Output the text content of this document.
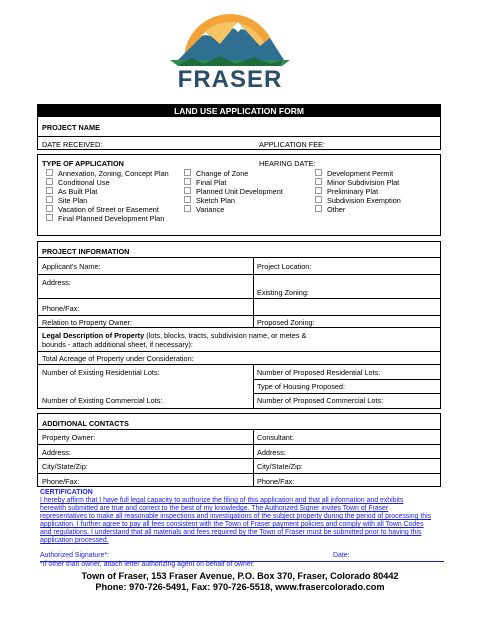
FRASER
LAND USE APPLICATION FORM
PROJECT NAME
DATE RECEIVED:	APPLICATION FEE:
TYPE OF APPLICATION	HEARING DATE:
Annexation, Zoning, Concept Plan
Conditional Use
As Built Plat
Site Plan
Vacation of Street or Easement
Final Planned Development Plan
Change of Zone
Final Plat
Planned Unit Development
Sketch Plan
Variance
Development Permit
Minor Subdivision Plat
Preliminary Plat
Subdivision Exemption
Other
PROJECT INFORMATION
Applicant's Name:	Project Location:
Address:
Existing Zoning:
Phone/Fax:
Relation to Property Owner:	Proposed Zoning:
Legal Description of Property (lots, blocks, tracts, subdivision name, or metes &
bounds - attach additional sheet, if necessary):
Total Acreage of Property under Consideration:
Number of Existing Residential Lots:	Number of Proposed Residential Lots:
Number of Existing Commercial Lots:
Type of Housing Proposed:
Number of Proposed Commercial Lots:
ADDITIONAL CONTACTS
Property Owner:	Consultant:
Address:	Address:
City/State/Zip:	City/State/Zip:
Phone/Fax:	Phone/Fax:
CERTIFICATION
I hereby affirm that I have full legal capacity to authorize the filing of this application and that all information and exhibits
herewith submitted are true and correct to the best of my knowledge. The Authorized Signer invites Town of Fraser
representatives to make all reasonable inspections and investigations of the subject property during the period of processing this
application. I further agree to pay all fees consistent with the Town of Fraser payment policies and comply with all Town Codes
and regulations. I understand that all materials and fees required by the Town of Fraser must be submitted prior to having this
application processed.
Authorized Signature*:	Date:
*If other than owner, attach letter authorizing agent on behalf of owner.
Town of Fraser, 153 Fraser Avenue, P.O. Box 370, Fraser, Colorado 80442
Phone: 970-726-5491, Fax: 970-726-5518, www.frasercolorado.com
